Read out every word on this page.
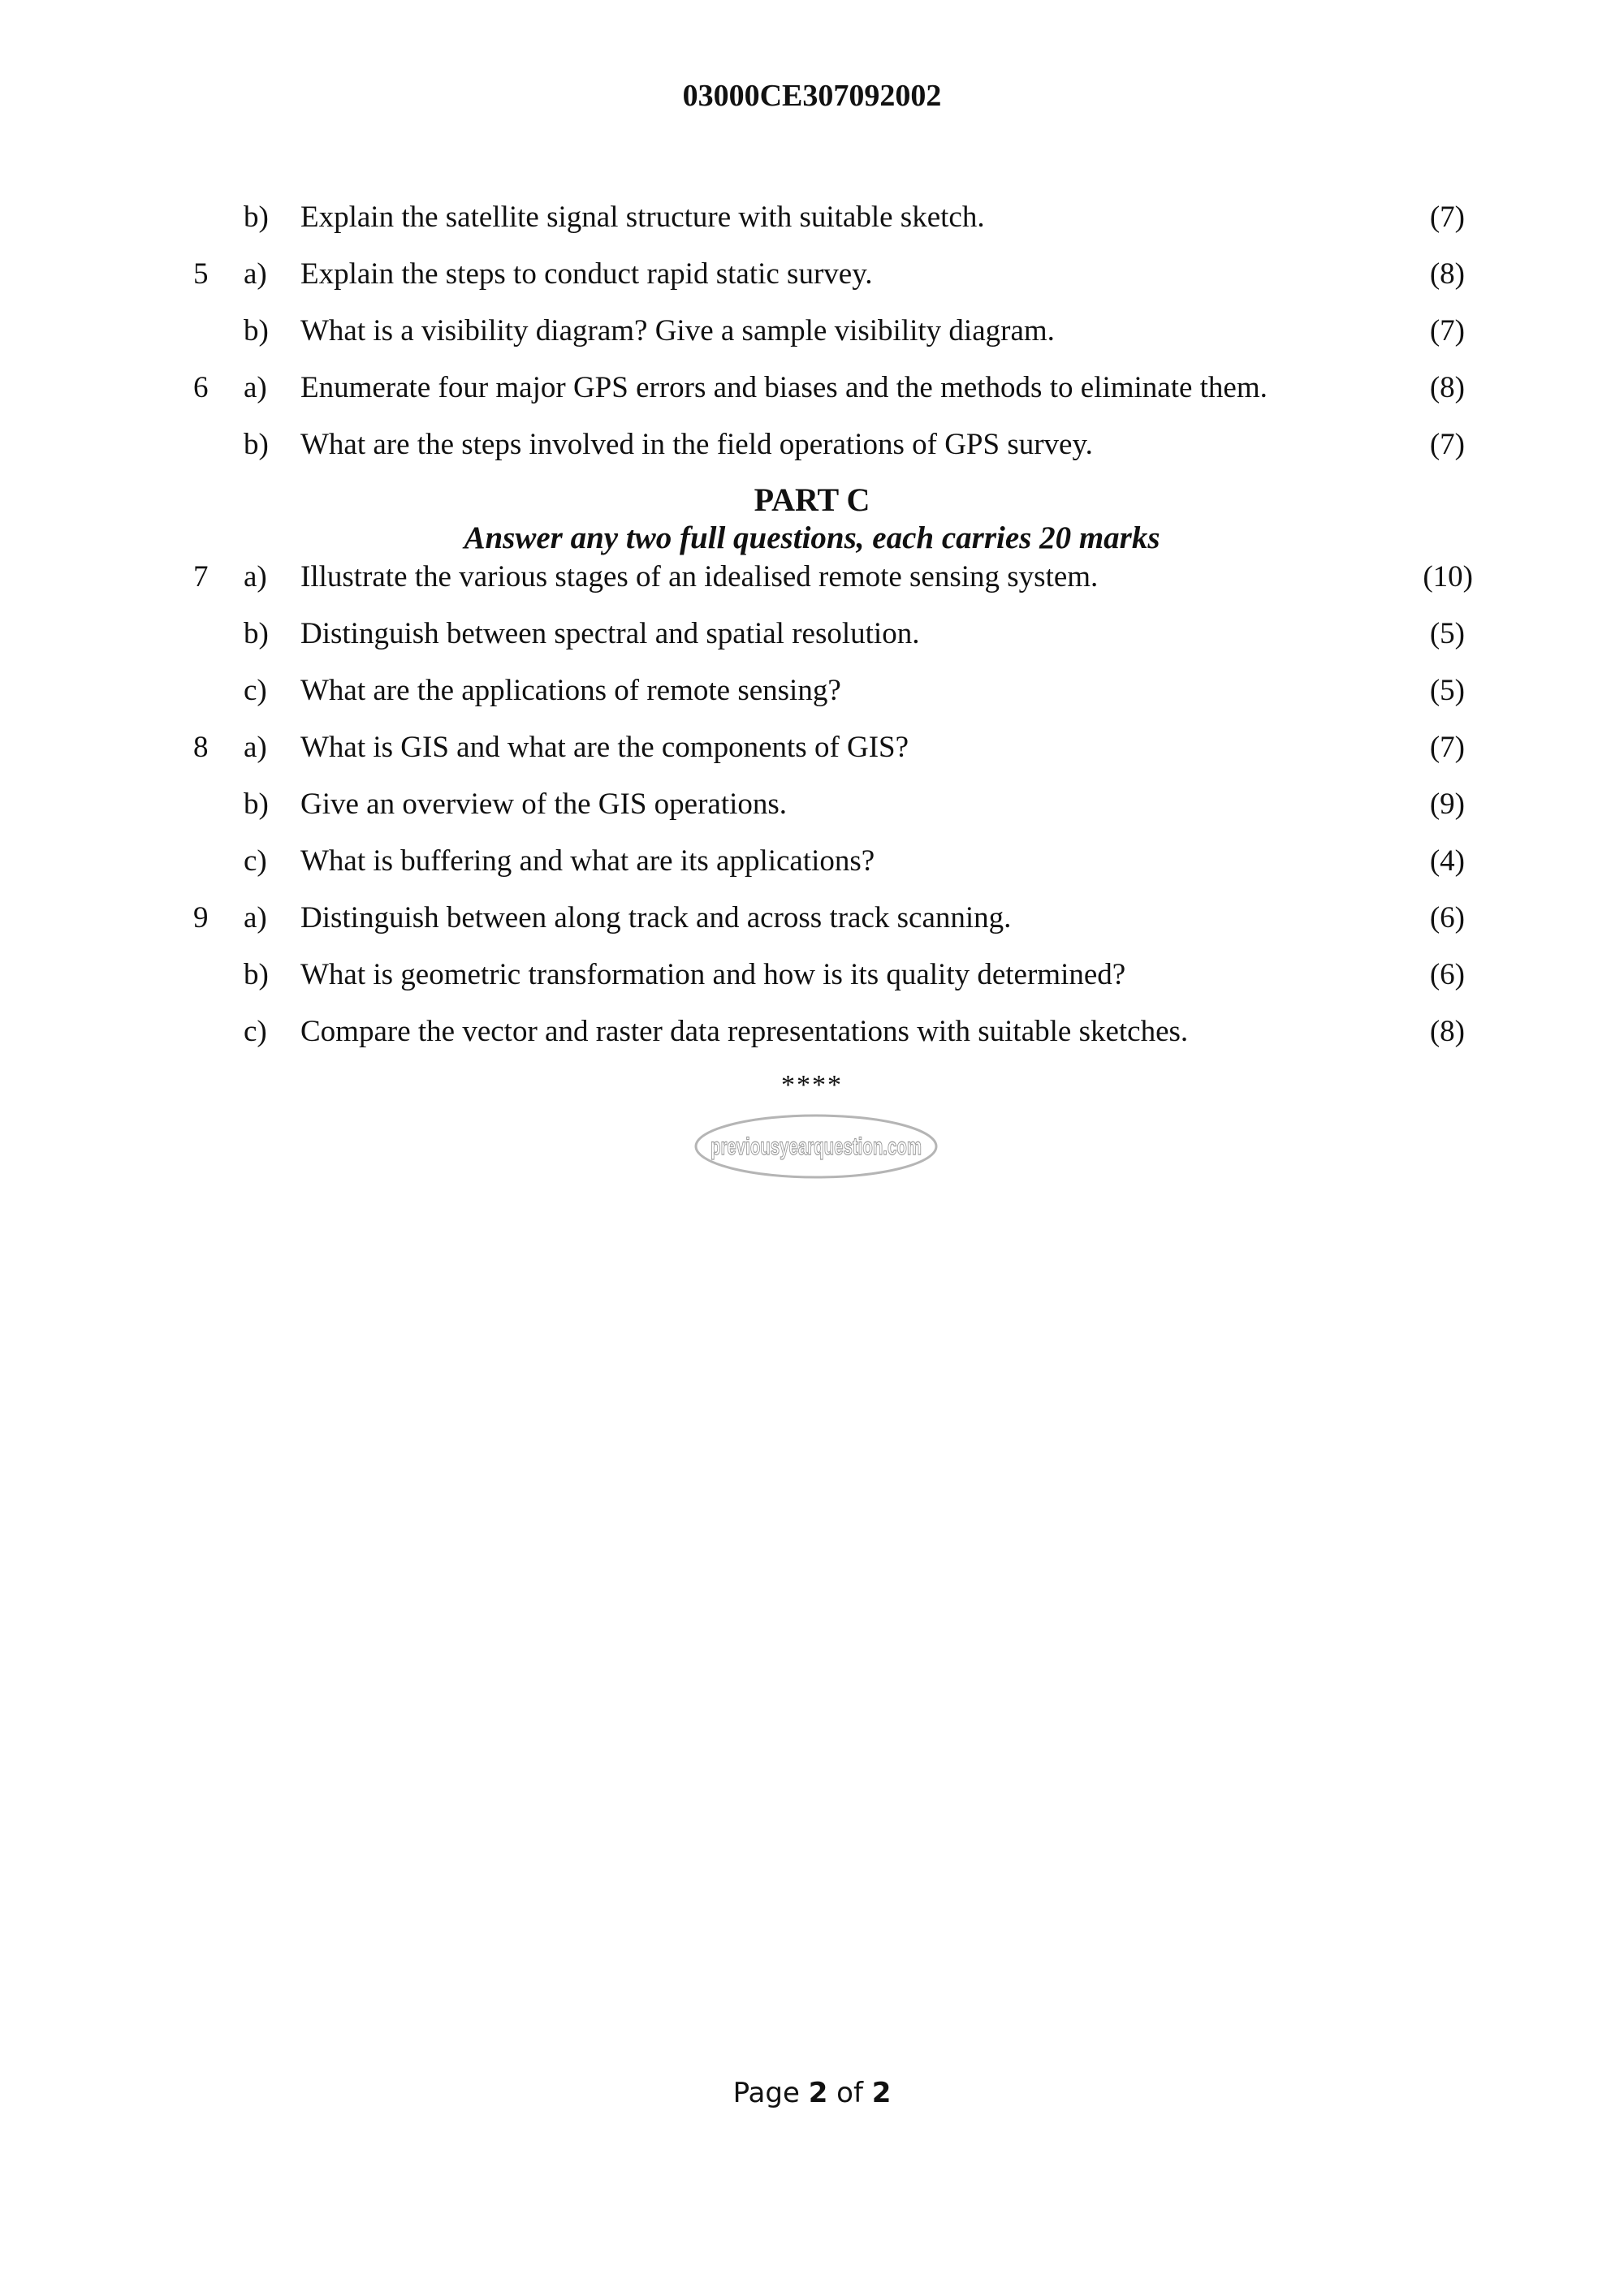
03000CE307092002
b)	Explain the satellite signal structure with suitable sketch.	(7)
5	a)	Explain the steps to conduct rapid static survey.	(8)
b)	What is a visibility diagram? Give a sample visibility diagram.	(7)
6	a)	Enumerate four major GPS errors and biases and the methods to eliminate them.	(8)
b)	What are the steps involved in the field operations of GPS survey.	(7)
PART C
Answer any two full questions, each carries 20 marks
7	a)	Illustrate the various stages of an idealised remote sensing system.	(10)
b)	Distinguish between spectral and spatial resolution.	(5)
c)	What are the applications of remote sensing?	(5)
8	a)	What is GIS and what are the components of GIS?	(7)
b)	Give an overview of the GIS operations.	(9)
c)	What is buffering and what are its applications?	(4)
9	a)	Distinguish between along track and across track scanning.	(6)
b)	What is geometric transformation and how is its quality determined?	(6)
c)	Compare the vector and raster data representations with suitable sketches.	(8)
****
previousyearquestion.com
Page 2 of 2
